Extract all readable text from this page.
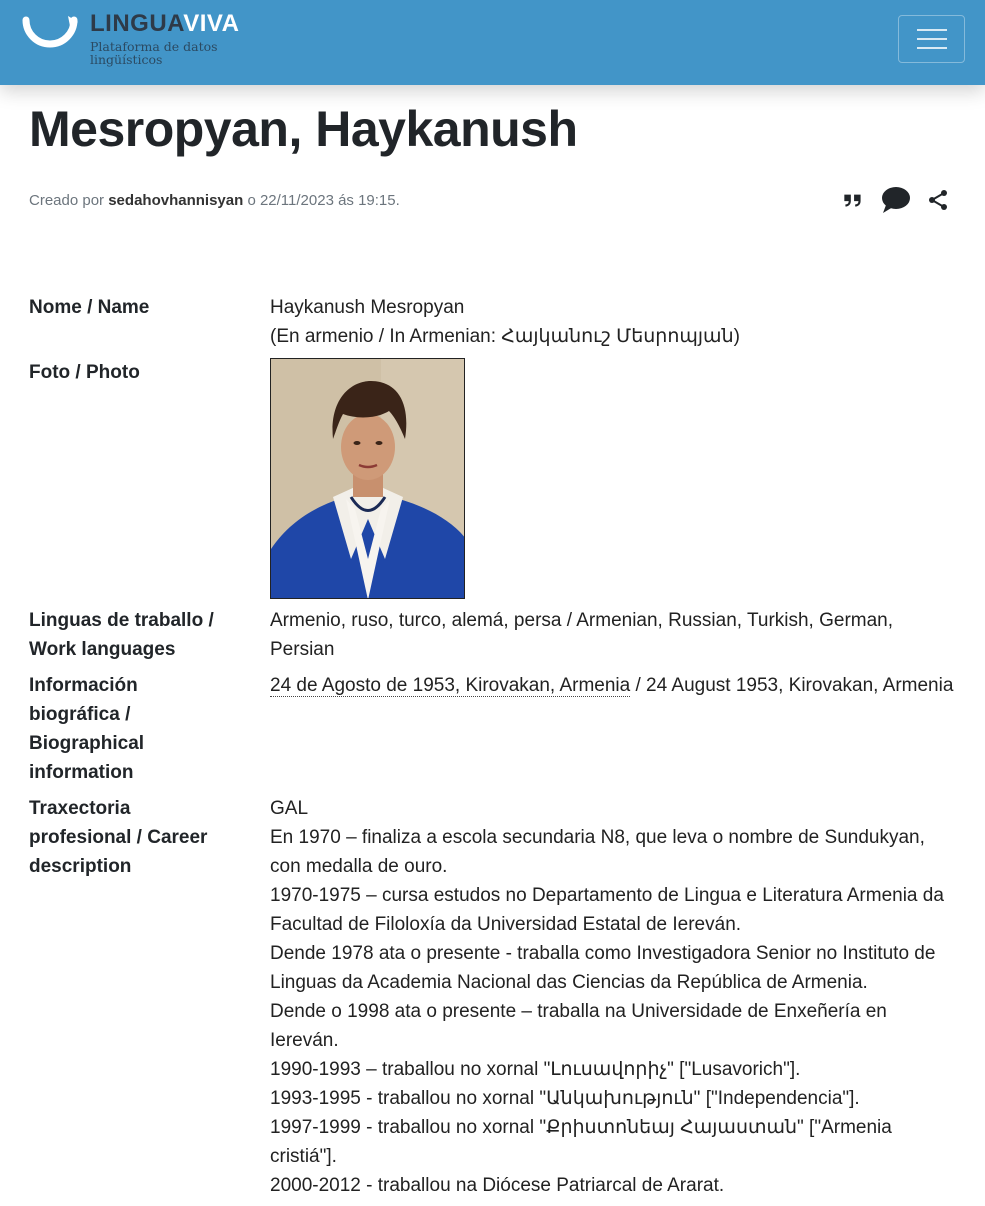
LINGUAVIVA
Plataforma de datos
lingüísticos
Mesropyan, Haykanush
Creado por sedahovhannisyan o 22/11/2023 ás 19:15.
Nome / Name	Haykanush Mesropyan
(En armenio / In Armenian: Հայկանուշ Մեսրոպյան)
Foto / Photo
Linguas de traballo /
Work languages
Armenio, ruso, turco, alemá, persa / Armenian, Russian, Turkish, German, Persian
Información
biográfica /
Biographical
information
24 de Agosto de 1953, Kirovakan, Armenia / 24 August 1953, Kirovakan, Armenia
Traxectoria
profesional / Career
description
GAL
En 1970 – finaliza a escola secundaria N8, que leva o nombre de Sundukyan, con medalla de ouro.
1970-1975 – cursa estudos no Departamento de Lingua e Literatura Armenia da Facultad de Filoloxía da Universidad Estatal de Iereván.
Dende 1978 ata o presente - traballa como Investigadora Senior no Instituto de Linguas da Academia Nacional das Ciencias da República de Armenia.
Dende o 1998 ata o presente – traballa na Universidade de Enxeñería en Iereván.
1990-1993 – traballou no xornal "Լուսավորիչ" ["Lusavorich"].
1993-1995 - traballou no xornal "Անկախություն" ["Independencia"].
1997-1999 - traballou no xornal "Քրիստոնեայ Հայաստան" ["Armenia cristiá"].
2000-2012 - traballou na Diócese Patriarcal de Ararat.
